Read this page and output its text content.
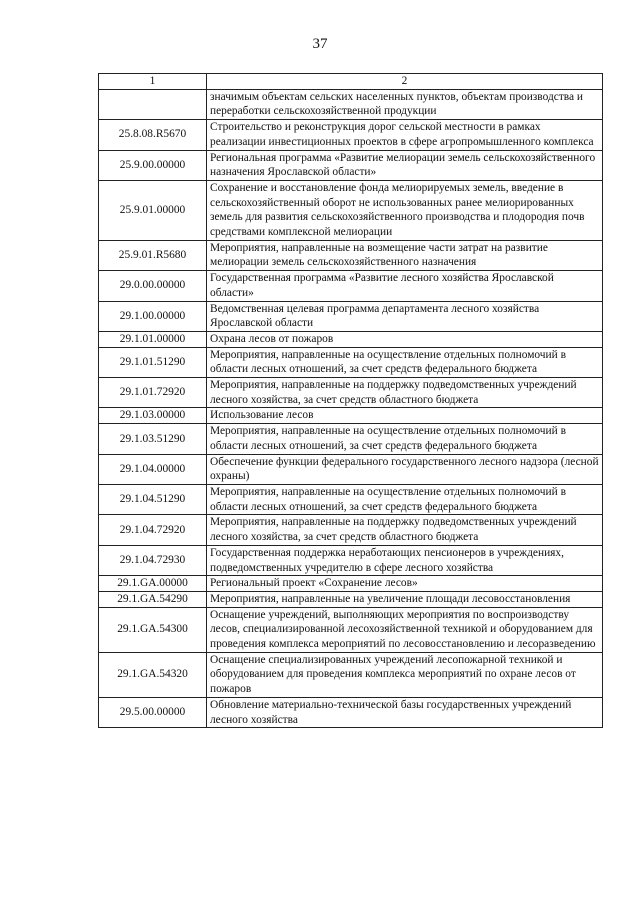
37
1	2
	значимым объектам сельских населенных пунктов, объектам производства и переработки сельскохозяйственной продукции
25.8.08.R5670	Строительство и реконструкция дорог сельской местности в рамках реализации инвестиционных проектов в сфере агропромышленного комплекса
25.9.00.00000	Региональная программа «Развитие мелиорации земель сельскохозяйственного назначения Ярославской области»
25.9.01.00000	Сохранение и восстановление фонда мелиорируемых земель, введение в сельскохозяйственный оборот не использованных ранее мелиорированных земель для развития сельскохозяйственного производства и плодородия почв средствами комплексной мелиорации
25.9.01.R5680	Мероприятия, направленные на возмещение части затрат на развитие мелиорации земель сельскохозяйственного назначения
29.0.00.00000	Государственная программа «Развитие лесного хозяйства Ярославской области»
29.1.00.00000	Ведомственная целевая программа департамента лесного хозяйства Ярославской области
29.1.01.00000	Охрана лесов от пожаров
29.1.01.51290	Мероприятия, направленные на осуществление отдельных полномочий в области лесных отношений, за счет средств федерального бюджета
29.1.01.72920	Мероприятия, направленные на поддержку подведомственных учреждений лесного хозяйства, за счет средств областного бюджета
29.1.03.00000	Использование лесов
29.1.03.51290	Мероприятия, направленные на осуществление отдельных полномочий в области лесных отношений, за счет средств федерального бюджета
29.1.04.00000	Обеспечение функции федерального государственного лесного надзора (лесной охраны)
29.1.04.51290	Мероприятия, направленные на осуществление отдельных полномочий в области лесных отношений, за счет средств федерального бюджета
29.1.04.72920	Мероприятия, направленные на поддержку подведомственных учреждений лесного хозяйства, за счет средств областного бюджета
29.1.04.72930	Государственная поддержка неработающих пенсионеров в учреждениях, подведомственных учредителю в сфере лесного хозяйства
29.1.GA.00000	Региональный проект «Сохранение лесов»
29.1.GA.54290	Мероприятия, направленные на увеличение площади лесовосстановления
29.1.GA.54300	Оснащение учреждений, выполняющих мероприятия по воспроизводству лесов, специализированной лесохозяйственной техникой и оборудованием для проведения комплекса мероприятий по лесовосстановлению и лесоразведению
29.1.GA.54320	Оснащение специализированных учреждений лесопожарной техникой и оборудованием для проведения комплекса мероприятий по охране лесов от пожаров
29.5.00.00000	Обновление материально-технической базы государственных учреждений лесного хозяйства
